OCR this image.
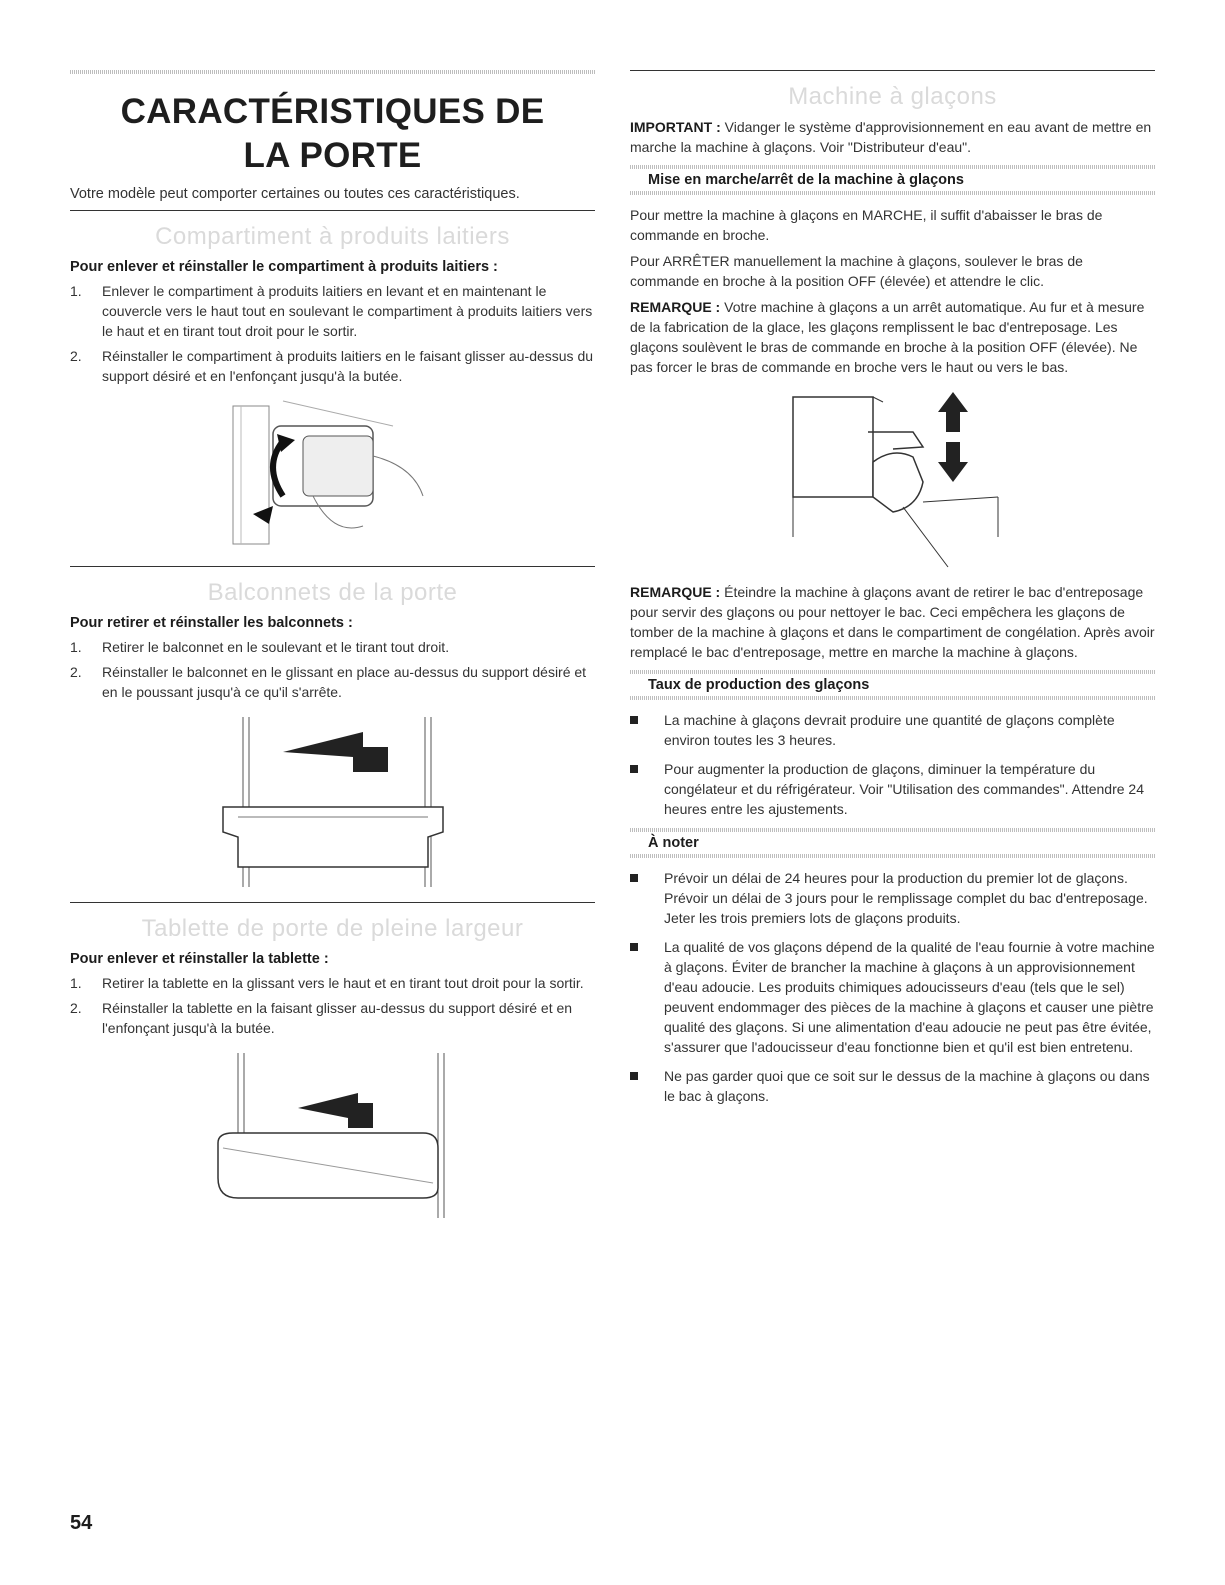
CARACTÉRISTIQUES DE
LA PORTE

Votre modèle peut comporter certaines ou toutes ces caractéristiques.

Compartiment à produits laitiers
Pour enlever et réinstaller le compartiment à produits laitiers :
1. Enlever le compartiment à produits laitiers en levant et en maintenant le couvercle vers le haut tout en soulevant le compartiment à produits laitiers vers le haut et en tirant tout droit pour le sortir.
2. Réinstaller le compartiment à produits laitiers en le faisant glisser au-dessus du support désiré et en l'enfonçant jusqu'à la butée.
Balconnets de la porte
Pour retirer et réinstaller les balconnets :
1. Retirer le balconnet en le soulevant et le tirant tout droit.
2. Réinstaller le balconnet en le glissant en place au-dessus du support désiré et en le poussant jusqu'à ce qu'il s'arrête.
Tablette de porte de pleine largeur
Pour enlever et réinstaller la tablette :
1. Retirer la tablette en la glissant vers le haut et en tirant tout droit pour la sortir.
2. Réinstaller la tablette en la faisant glisser au-dessus du support désiré et en l'enfonçant jusqu'à la butée.
Machine à glaçons

IMPORTANT : Vidanger le système d'approvisionnement en eau avant de mettre en marche la machine à glaçons. Voir "Distributeur d'eau".

Mise en marche/arrêt de la machine à glaçons

Pour mettre la machine à glaçons en MARCHE, il suffit d'abaisser le bras de commande en broche.

Pour ARRÊTER manuellement la machine à glaçons, soulever le bras de commande en broche à la position OFF (élevée) et attendre le clic.

REMARQUE : Votre machine à glaçons a un arrêt automatique. Au fur et à mesure de la fabrication de la glace, les glaçons remplissent le bac d'entreposage. Les glaçons soulèvent le bras de commande en broche à la position OFF (élevée). Ne pas forcer le bras de commande en broche vers le haut ou vers le bas.

REMARQUE : Éteindre la machine à glaçons avant de retirer le bac d'entreposage pour servir des glaçons ou pour nettoyer le bac. Ceci empêchera les glaçons de tomber de la machine à glaçons et dans le compartiment de congélation. Après avoir remplacé le bac d'entreposage, mettre en marche la machine à glaçons.

Taux de production des glaçons
La machine à glaçons devrait produire une quantité de glaçons complète environ toutes les 3 heures.
Pour augmenter la production de glaçons, diminuer la température du congélateur et du réfrigérateur. Voir "Utilisation des commandes". Attendre 24 heures entre les ajustements.
À noter
Prévoir un délai de 24 heures pour la production du premier lot de glaçons. Prévoir un délai de 3 jours pour le remplissage complet du bac d'entreposage. Jeter les trois premiers lots de glaçons produits.
La qualité de vos glaçons dépend de la qualité de l'eau fournie à votre machine à glaçons. Éviter de brancher la machine à glaçons à un approvisionnement d'eau adoucie. Les produits chimiques adoucisseurs d'eau (tels que le sel) peuvent endommager des pièces de la machine à glaçons et causer une piètre qualité des glaçons. Si une alimentation d'eau adoucie ne peut pas être évitée, s'assurer que l'adoucisseur d'eau fonctionne bien et qu'il est bien entretenu.
Ne pas garder quoi que ce soit sur le dessus de la machine à glaçons ou dans le bac à glaçons.
54
